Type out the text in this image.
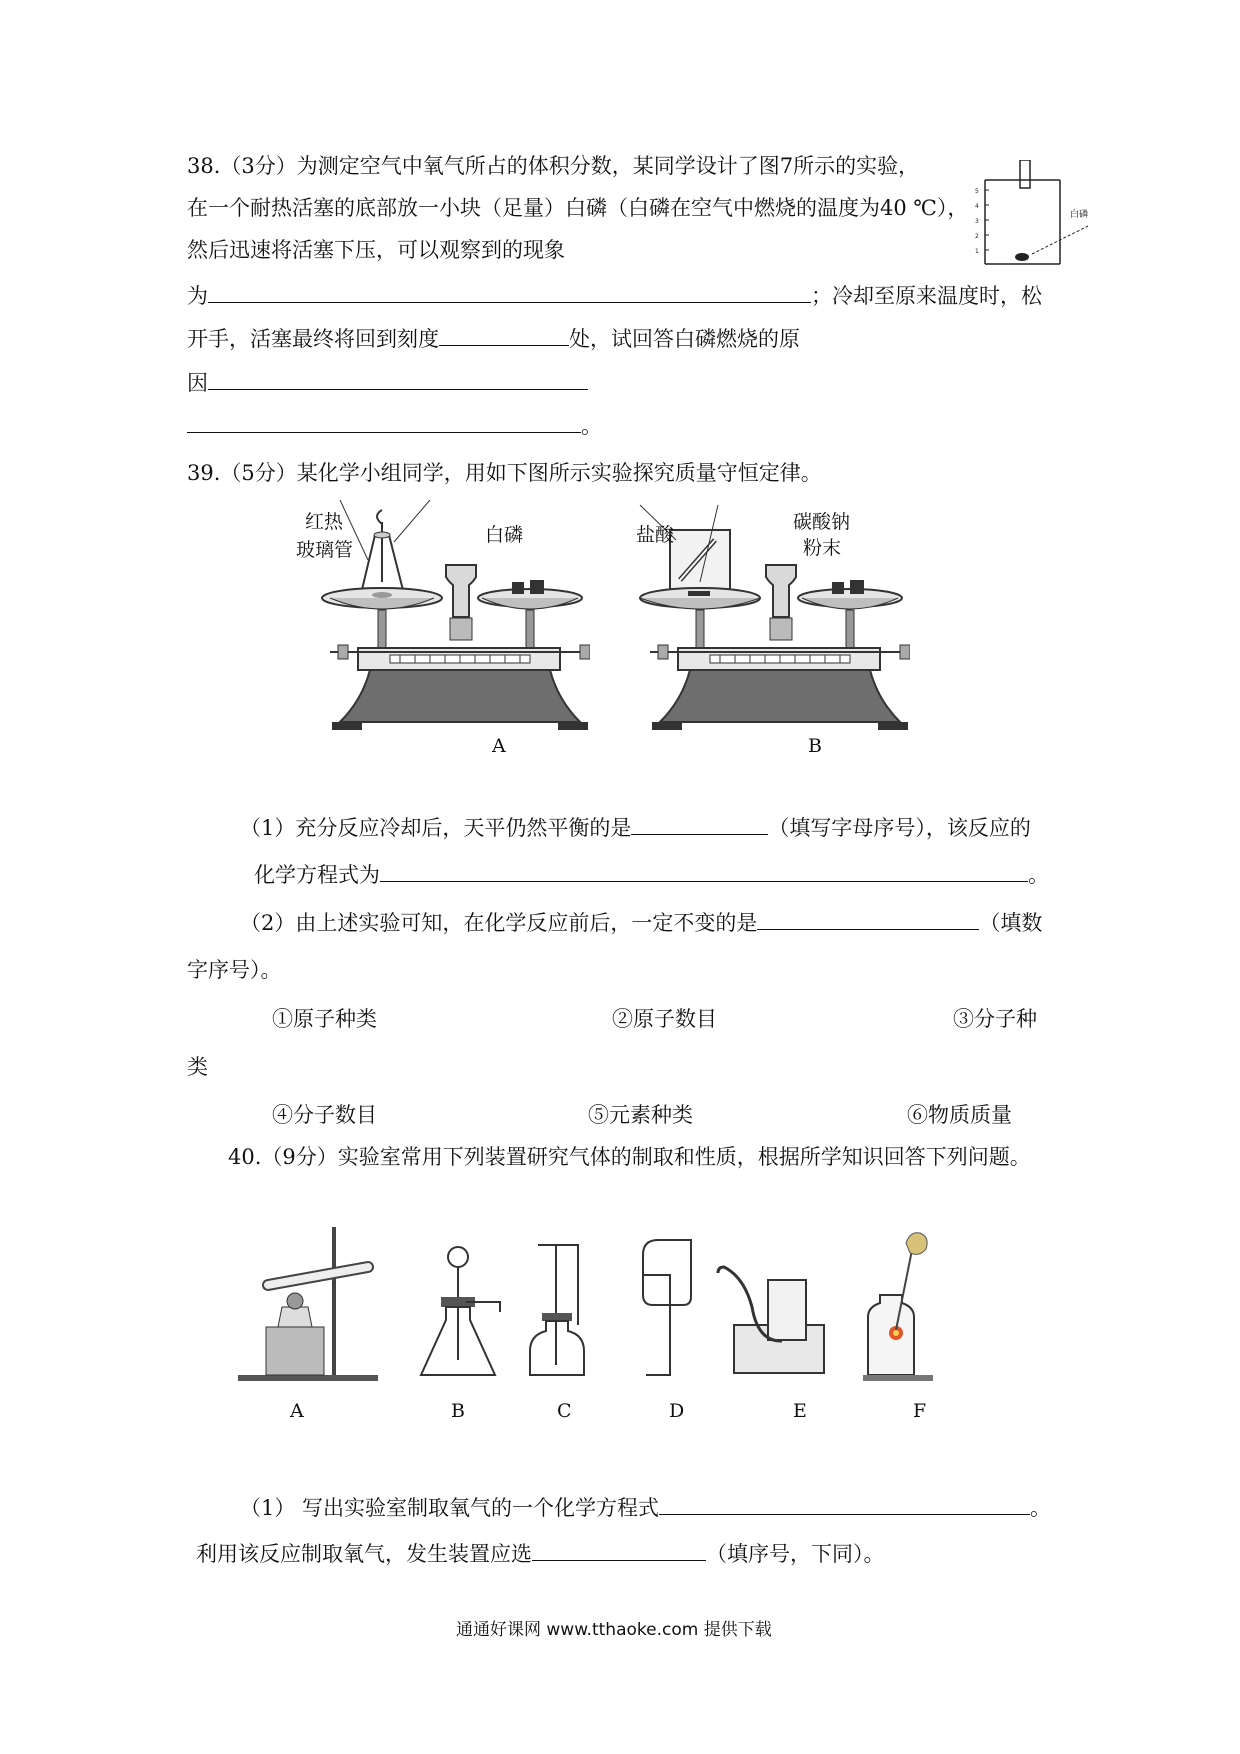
38.（3分）为测定空气中氧气所占的体积分数，某同学设计了图7所示的实验，
在一个耐热活塞的底部放一小块（足量）白磷（白磷在空气中燃烧的温度为40 ℃），
然后迅速将活塞下压，可以观察到的现象
为	；冷却至原来温度时，松
开手，活塞最终将回到刻度	处，试回答白磷燃烧的原
因
。
5
4
3
2
1
白磷
39.（5分）某化学小组同学，用如下图所示实验探究质量守恒定律。
红热
玻璃管
白磷
A
盐酸
碳酸钠
粉末
B
（1）充分反应冷却后，天平仍然平衡的是	（填写字母序号），该反应的
化学方程式为	。
（2）由上述实验可知，在化学反应前后，一定不变的是	（填数
字序号）。
①原子种类	②原子数目	③分子种
类
④分子数目	⑤元素种类	⑥物质质量
40.（9分）实验室常用下列装置研究气体的制取和性质，根据所学知识回答下列问题。
A	B	C	D	E	F
（1） 写出实验室制取氧气的一个化学方程式	。
利用该反应制取氧气，发生装置应选	（填序号，下同）。
通通好课网 www.tthaoke.com 提供下载
